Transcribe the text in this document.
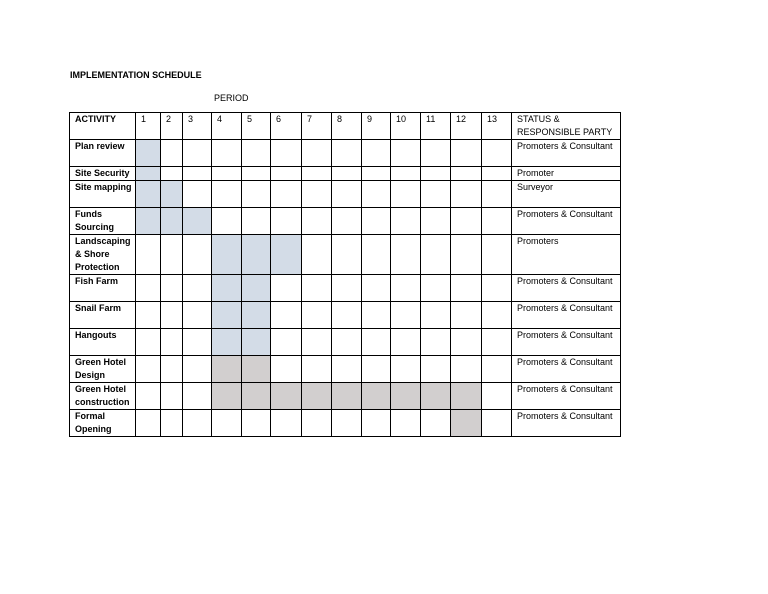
IMPLEMENTATION SCHEDULE
PERIOD
ACTIVITY	1	2	3	4	5	6	7	8	9	10	11	12	13	STATUS & RESPONSIBLE PARTY
Plan review														Promoters & Consultant
Site Security														Promoter
Site mapping														Surveyor
Funds Sourcing														Promoters & Consultant
Landscaping & Shore Protection														Promoters
Fish Farm														Promoters & Consultant
Snail Farm														Promoters & Consultant
Hangouts														Promoters & Consultant
Green Hotel Design														Promoters & Consultant
Green Hotel construction														Promoters & Consultant
Formal Opening														Promoters & Consultant
